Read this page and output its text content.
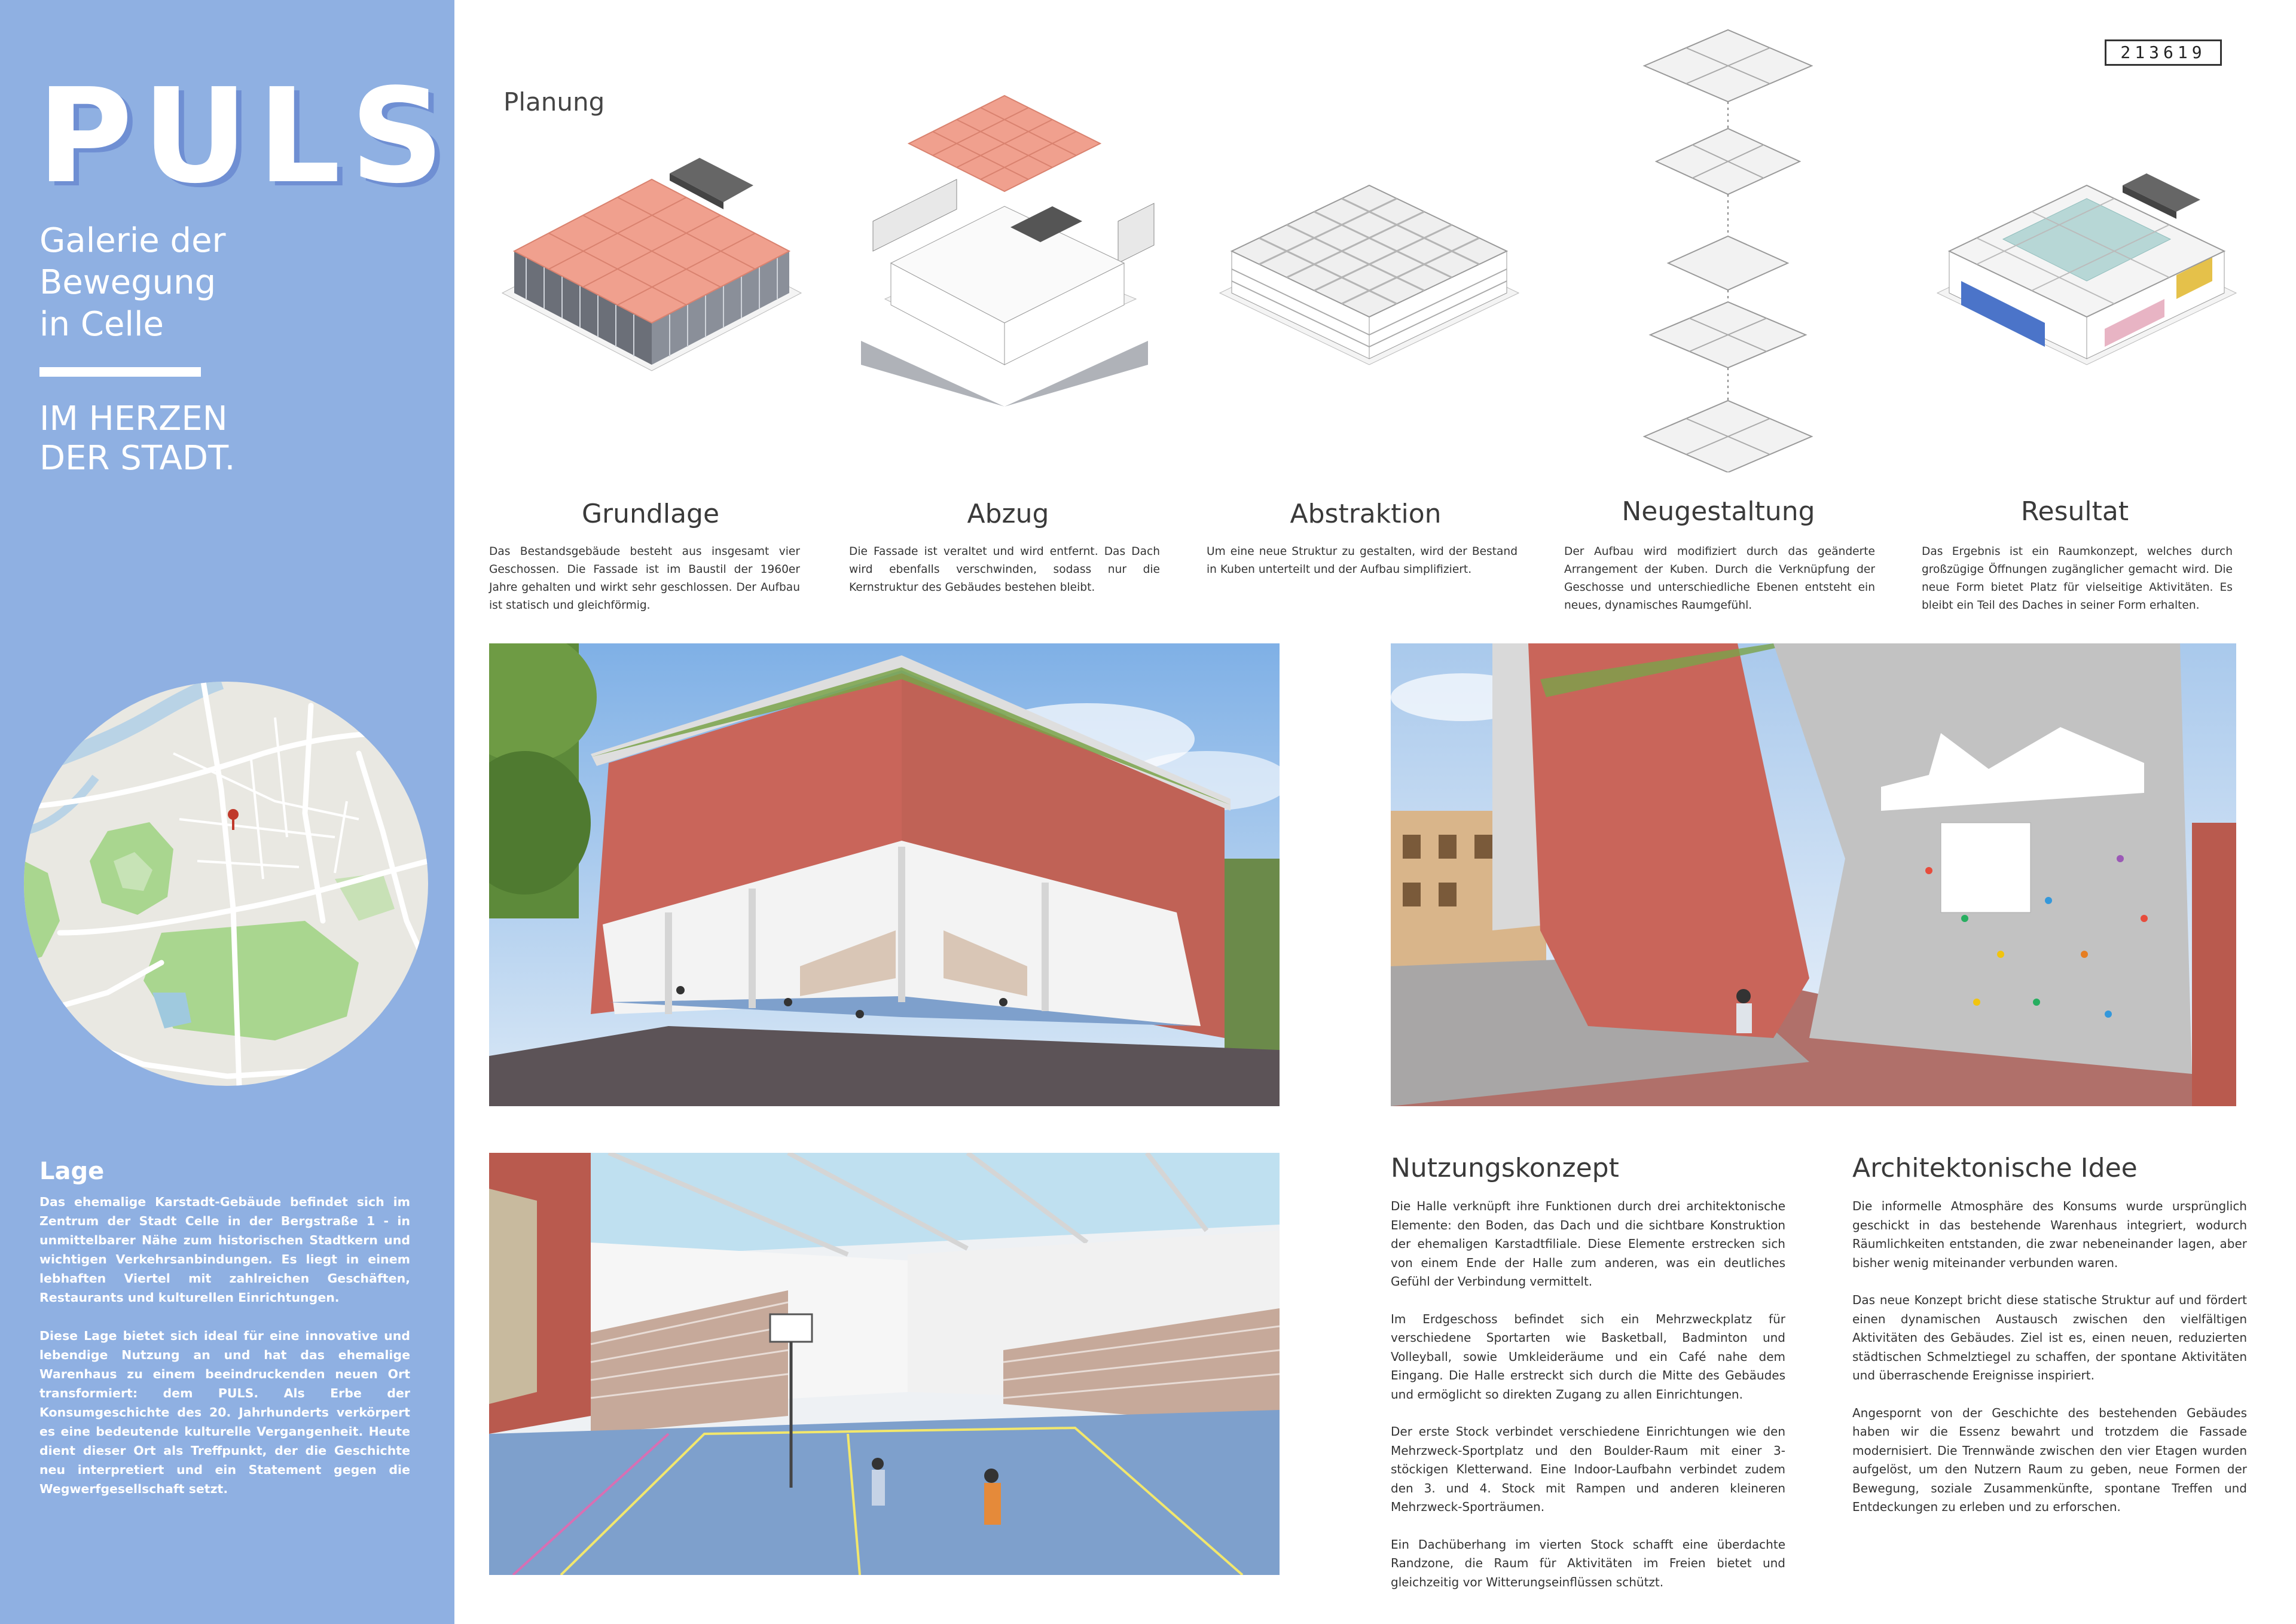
PULS
Galerie der
Bewegung
in Celle
IM HERZEN
DER STADT.
Lage

Das ehemalige Karstadt-Gebäude befindet sich im Zentrum der Stadt Celle in der Bergstraße 1 - in unmittelbarer Nähe zum historischen Stadtkern und wichtigen Verkehrsanbindungen. Es liegt in einem lebhaften Viertel mit zahlreichen Geschäften, Restaurants und kulturellen Einrichtungen.

Diese Lage bietet sich ideal für eine innovative und lebendige Nutzung an und hat das ehemalige Warenhaus zu einem beeindruckenden neuen Ort transformiert: dem PULS. Als Erbe der Konsumgeschichte des 20. Jahrhunderts verkörpert es eine bedeutende kulturelle Vergangenheit. Heute dient dieser Ort als Treffpunkt, der die Geschichte neu interpretiert und ein Statement gegen die Wegwerfgesellschaft setzt.

213619
Planung
Grundlage
Das Bestandsgebäude besteht aus insgesamt vier Geschossen. Die Fassade ist im Baustil der 1960er Jahre gehalten und wirkt sehr geschlossen. Der Aufbau ist statisch und gleichförmig.
Abzug
Die Fassade ist veraltet und wird entfernt. Das Dach wird ebenfalls verschwinden, sodass nur die Kernstruktur des Gebäudes bestehen bleibt.
Abstraktion
Um eine neue Struktur zu gestalten, wird der Bestand in Kuben unterteilt und der Aufbau simplifiziert.
Neugestaltung
Der Aufbau wird modifiziert durch das geänderte Arrangement der Kuben. Durch die Verknüpfung der Geschosse und unterschiedliche Ebenen entsteht ein neues, dynamisches Raumgefühl.
Resultat
Das Ergebnis ist ein Raumkonzept, welches durch großzügige Öffnungen zugänglicher gemacht wird. Die neue Form bietet Platz für vielseitige Aktivitäten. Es bleibt ein Teil des Daches in seiner Form erhalten.
Nutzungskonzept

Die Halle verknüpft ihre Funktionen durch drei architektonische Elemente: den Boden, das Dach und die sichtbare Konstruktion der ehemaligen Karstadtfiliale. Diese Elemente erstrecken sich von einem Ende der Halle zum anderen, was ein deutliches Gefühl der Verbindung vermittelt.

Im Erdgeschoss befindet sich ein Mehrzweckplatz für verschiedene Sportarten wie Basketball, Badminton und Volleyball, sowie Umkleideräume und ein Café nahe dem Eingang. Die Halle erstreckt sich durch die Mitte des Gebäudes und ermöglicht so direkten Zugang zu allen Einrichtungen.

Der erste Stock verbindet verschiedene Einrichtungen wie den Mehrzweck-Sportplatz und den Boulder-Raum mit einer 3-stöckigen Kletterwand. Eine Indoor-Laufbahn verbindet zudem den 3. und 4. Stock mit Rampen und anderen kleineren Mehrzweck-Sporträumen.

Ein Dachüberhang im vierten Stock schafft eine überdachte Randzone, die Raum für Aktivitäten im Freien bietet und gleichzeitig vor Witterungseinflüssen schützt.

Architektonische Idee

Die informelle Atmosphäre des Konsums wurde ursprünglich geschickt in das bestehende Warenhaus integriert, wodurch Räumlichkeiten entstanden, die zwar nebeneinander lagen, aber bisher wenig miteinander verbunden waren.

Das neue Konzept bricht diese statische Struktur auf und fördert einen dynamischen Austausch zwischen den vielfältigen Aktivitäten des Gebäudes. Ziel ist es, einen neuen, reduzierten städtischen Schmelztiegel zu schaffen, der spontane Aktivitäten und überraschende Ereignisse inspiriert.

Angespornt von der Geschichte des bestehenden Gebäudes haben wir die Essenz bewahrt und trotzdem die Fassade modernisiert. Die Trennwände zwischen den vier Etagen wurden aufgelöst, um den Nutzern Raum zu geben, neue Formen der Bewegung, soziale Zusammenkünfte, spontane Treffen und Entdeckungen zu erleben und zu erforschen.
